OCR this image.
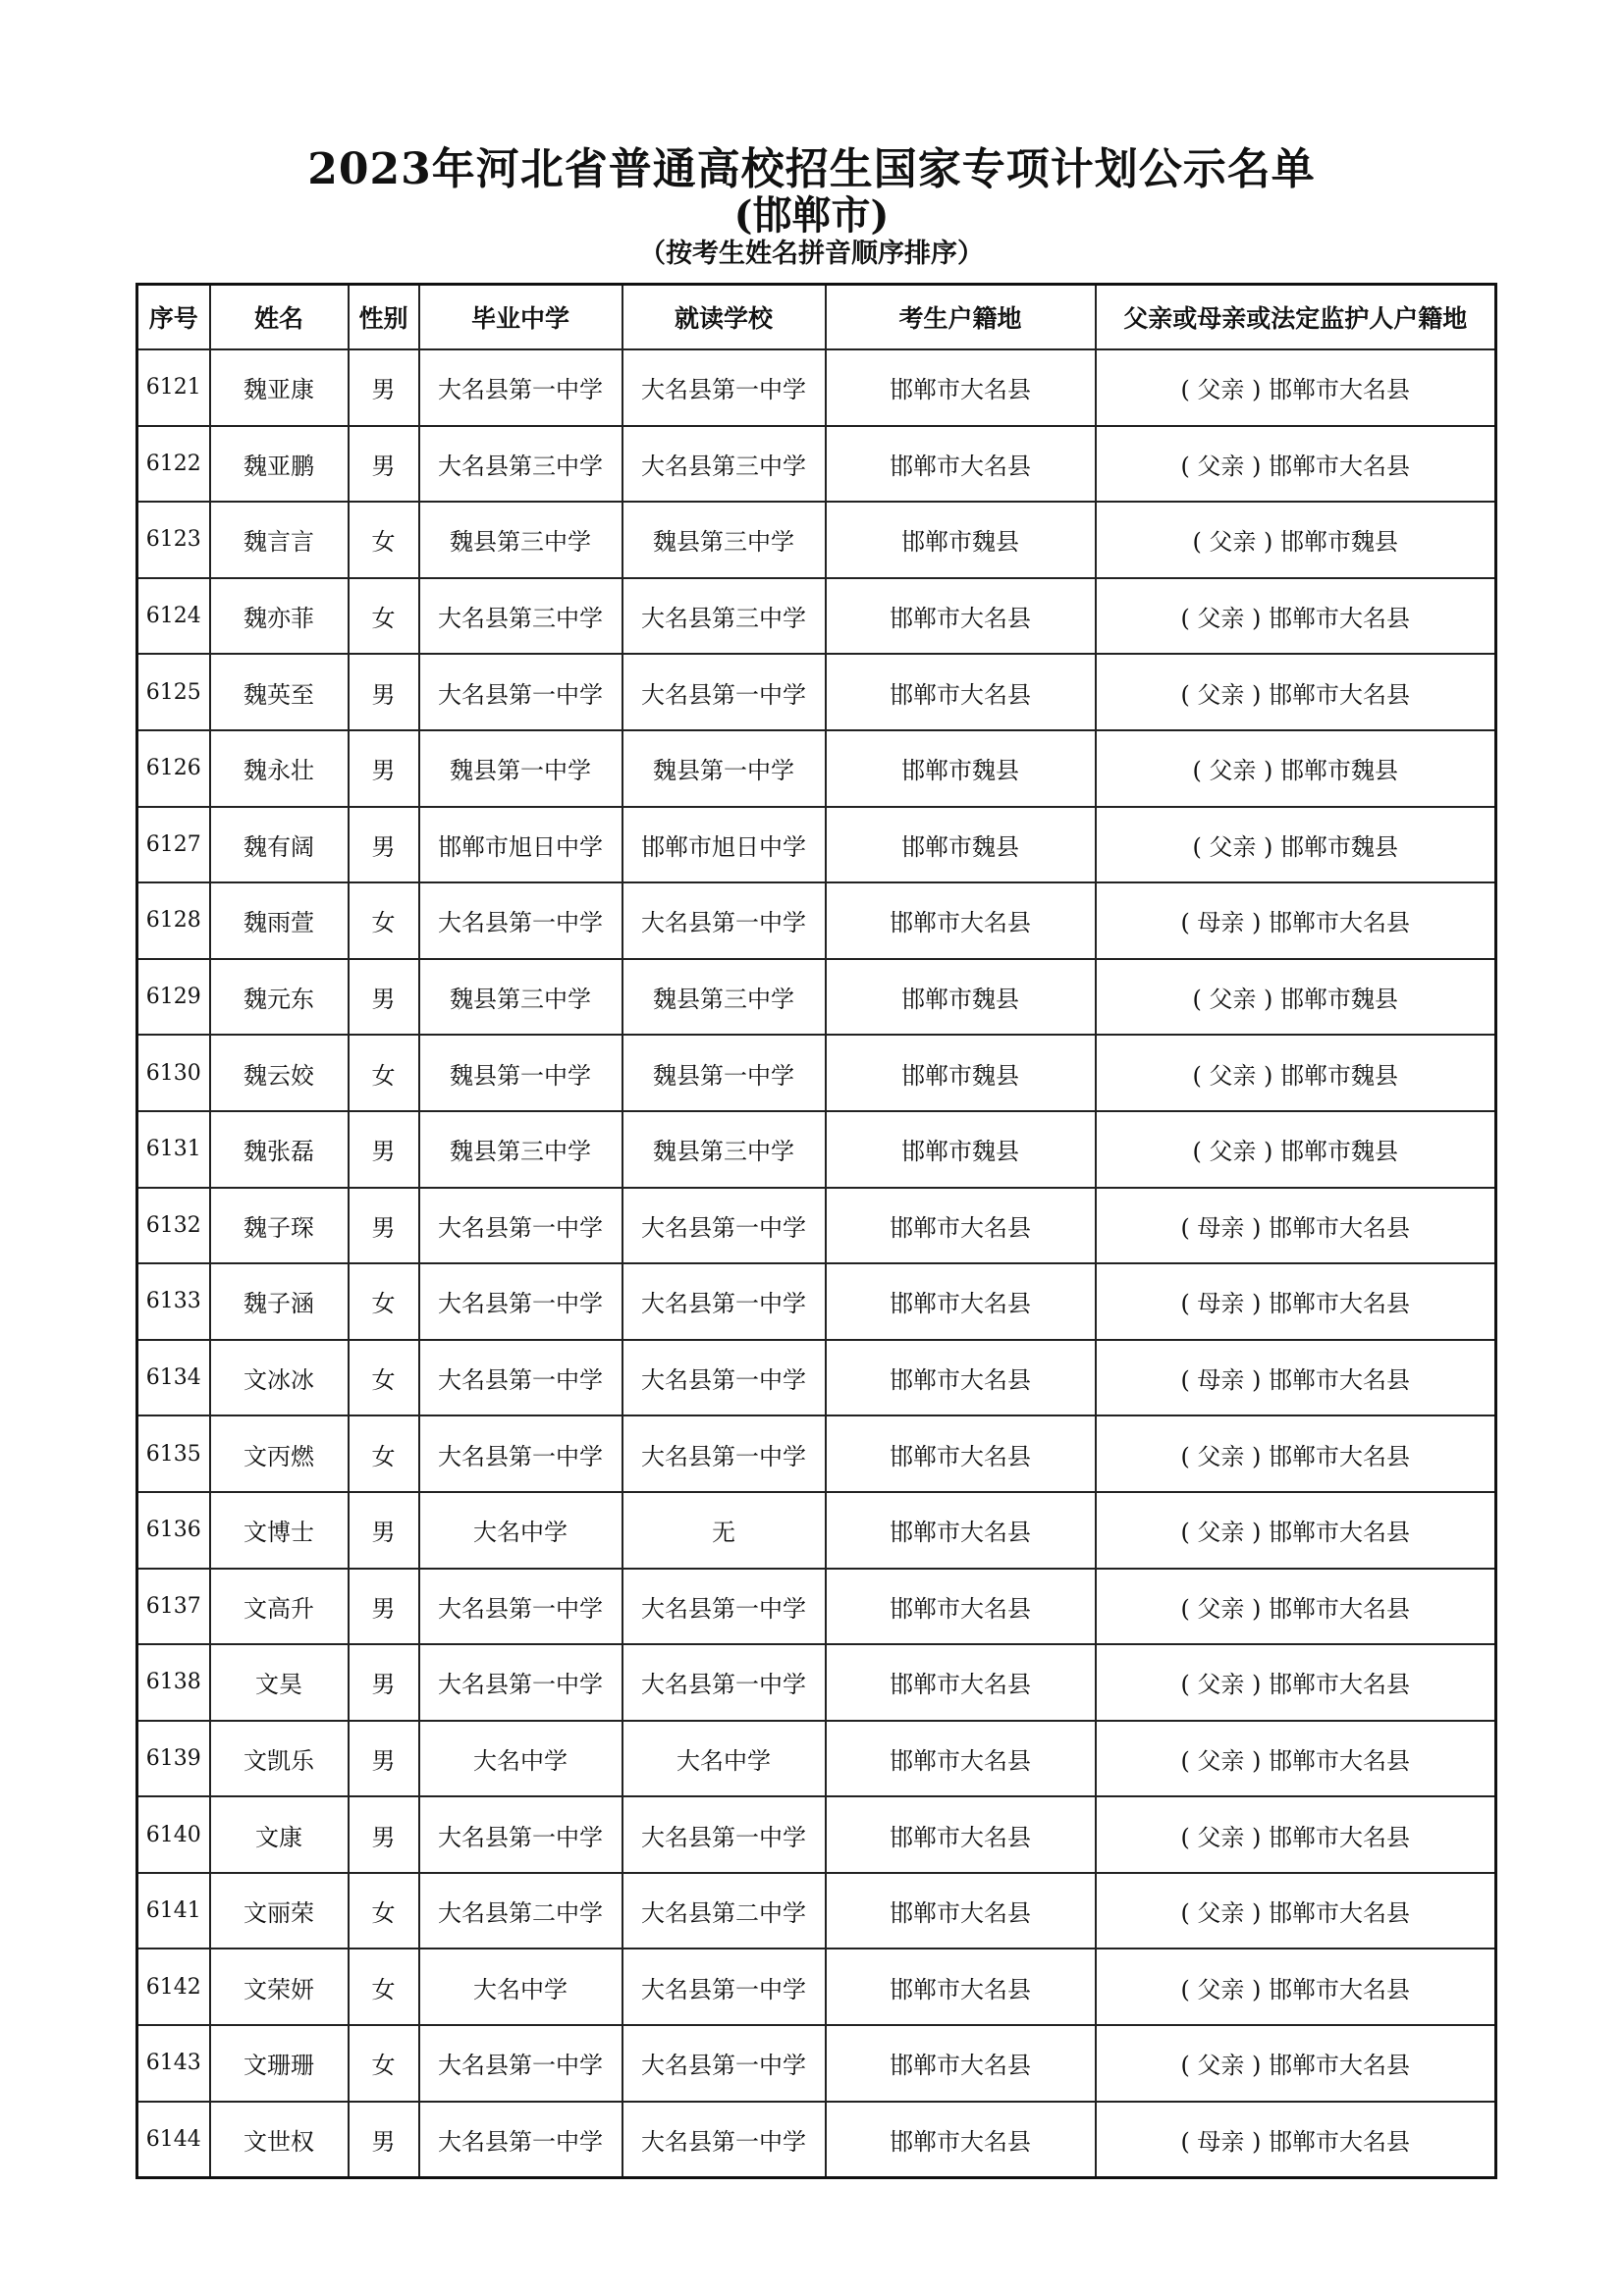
2023年河北省普通高校招生国家专项计划公示名单
(邯郸市)
（按考生姓名拼音顺序排序）
序号	姓名	性别	毕业中学	就读学校	考生户籍地	父亲或母亲或法定监护人户籍地
6121	魏亚康	男	大名县第一中学	大名县第一中学	邯郸市大名县	( 父亲 ) 邯郸市大名县
6122	魏亚鹏	男	大名县第三中学	大名县第三中学	邯郸市大名县	( 父亲 ) 邯郸市大名县
6123	魏言言	女	魏县第三中学	魏县第三中学	邯郸市魏县	( 父亲 ) 邯郸市魏县
6124	魏亦菲	女	大名县第三中学	大名县第三中学	邯郸市大名县	( 父亲 ) 邯郸市大名县
6125	魏英至	男	大名县第一中学	大名县第一中学	邯郸市大名县	( 父亲 ) 邯郸市大名县
6126	魏永壮	男	魏县第一中学	魏县第一中学	邯郸市魏县	( 父亲 ) 邯郸市魏县
6127	魏有阔	男	邯郸市旭日中学	邯郸市旭日中学	邯郸市魏县	( 父亲 ) 邯郸市魏县
6128	魏雨萱	女	大名县第一中学	大名县第一中学	邯郸市大名县	( 母亲 ) 邯郸市大名县
6129	魏元东	男	魏县第三中学	魏县第三中学	邯郸市魏县	( 父亲 ) 邯郸市魏县
6130	魏云姣	女	魏县第一中学	魏县第一中学	邯郸市魏县	( 父亲 ) 邯郸市魏县
6131	魏张磊	男	魏县第三中学	魏县第三中学	邯郸市魏县	( 父亲 ) 邯郸市魏县
6132	魏子琛	男	大名县第一中学	大名县第一中学	邯郸市大名县	( 母亲 ) 邯郸市大名县
6133	魏子涵	女	大名县第一中学	大名县第一中学	邯郸市大名县	( 母亲 ) 邯郸市大名县
6134	文冰冰	女	大名县第一中学	大名县第一中学	邯郸市大名县	( 母亲 ) 邯郸市大名县
6135	文丙燃	女	大名县第一中学	大名县第一中学	邯郸市大名县	( 父亲 ) 邯郸市大名县
6136	文博士	男	大名中学	无	邯郸市大名县	( 父亲 ) 邯郸市大名县
6137	文高升	男	大名县第一中学	大名县第一中学	邯郸市大名县	( 父亲 ) 邯郸市大名县
6138	文昊	男	大名县第一中学	大名县第一中学	邯郸市大名县	( 父亲 ) 邯郸市大名县
6139	文凯乐	男	大名中学	大名中学	邯郸市大名县	( 父亲 ) 邯郸市大名县
6140	文康	男	大名县第一中学	大名县第一中学	邯郸市大名县	( 父亲 ) 邯郸市大名县
6141	文丽荣	女	大名县第二中学	大名县第二中学	邯郸市大名县	( 父亲 ) 邯郸市大名县
6142	文荣妍	女	大名中学	大名县第一中学	邯郸市大名县	( 父亲 ) 邯郸市大名县
6143	文珊珊	女	大名县第一中学	大名县第一中学	邯郸市大名县	( 父亲 ) 邯郸市大名县
6144	文世权	男	大名县第一中学	大名县第一中学	邯郸市大名县	( 母亲 ) 邯郸市大名县
